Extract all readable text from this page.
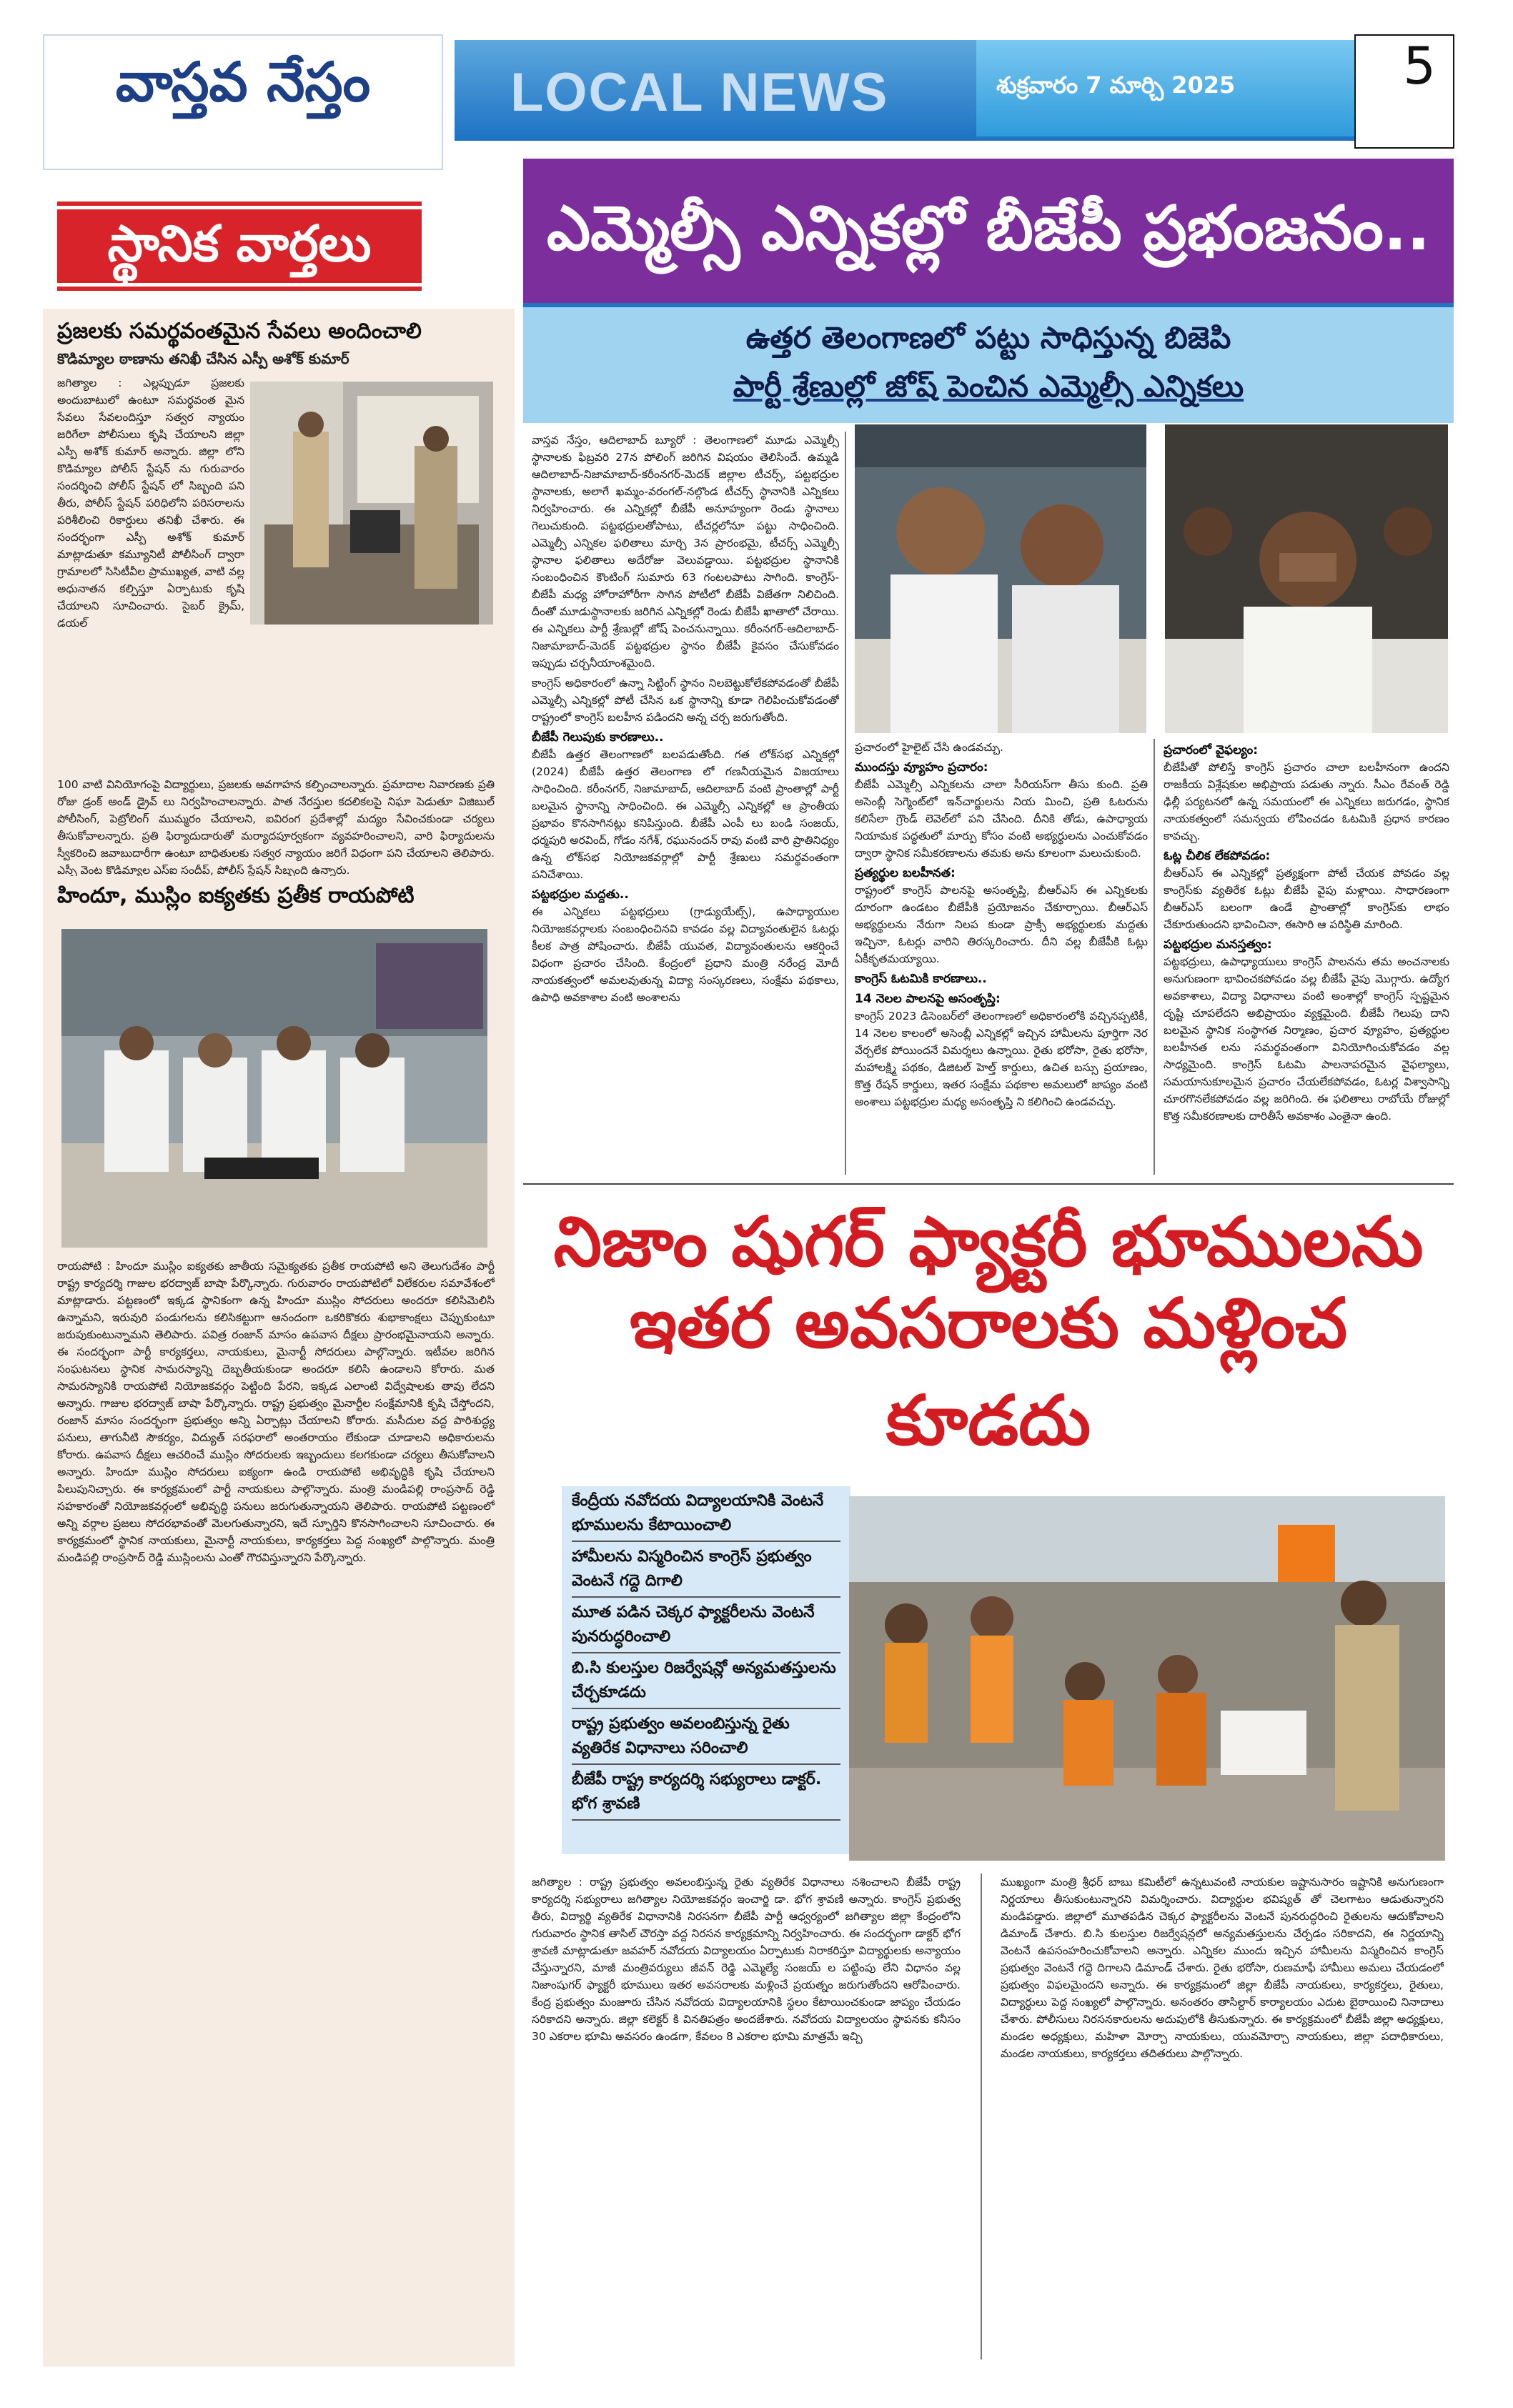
వాస్తవ నేస్తం
స్థానిక వార్తలు
LOCAL NEWS	శుక్రవారం 7 మార్చి 2025	5
ప్రజలకు సమర్థవంతమైన సేవలు అందించాలి
కొడిమ్యాల ఠాణాను తనిఖీ చేసిన ఎస్పీ అశోక్ కుమార్
జగిత్యాల : ఎల్లప్పుడూ ప్రజలకు అందుబాటులో ఉంటూ సమర్థవంత మైన సేవలు సేవలందిస్తూ సత్వర న్యాయం జరిగేలా పోలీసులు కృషి చేయాలని జిల్లా ఎస్పీ అశోక్ కుమార్ అన్నారు. జిల్లా లోని కొడిమ్యాల పోలీస్ స్టేషన్ ను గురువారం సందర్శించి పోలీస్ స్టేషన్ లో సిబ్బంది పని తీరు, పోలీస్ స్టేషన్ పరిధిలోని పరిసరాలను పరిశీలించి రికార్డులు తనిఖీ చేశారు. ఈ సందర్భంగా ఎస్పీ అశోక్ కుమార్ మాట్లాడుతూ కమ్యూనిటీ పోలీసింగ్ ద్వారా గ్రామాలలో సిసిటీవీల ప్రాముఖ్యత, వాటి వల్ల అధునాతన కల్పిస్తూ ఏర్పాటుకు కృషి చేయాలని సూచించారు. సైబర్ క్రైమ్, డయల్
100 వాటి వినియోగంపై విద్యార్థులు, ప్రజలకు అవగాహన కల్పించాలన్నారు. ప్రమాదాల నివారణకు ప్రతి రోజు డ్రంక్ అండ్ డ్రైవ్ లు నిర్వహించాలన్నారు. పాత నేరస్తుల కదలికలపై నిఘా పెడుతూ విజిబుల్ పోలీసింగ్, పెట్రోలింగ్ ముమ్మరం చేయాలని, ఐవిరంగ ప్రదేశాల్లో మద్యం సేవించకుండా చర్యలు తీసుకోవాలన్నారు. ప్రతి ఫిర్యాదుదారుతో మర్యాదపూర్వకంగా వ్యవహరించాలని, వారి ఫిర్యాదులను స్వీకరించి జవాబుదారీగా ఉంటూ బాధితులకు సత్వర న్యాయం జరిగే విధంగా పని చేయాలని తెలిపారు. ఎస్పీ వెంట కొడిమ్యాల ఎస్ఐ సందీప్, పోలీస్ స్టేషన్ సిబ్బంది ఉన్నారు.
హిందూ, ముస్లిం ఐక్యతకు ప్రతీక రాయపోటి
రాయపోటి : హిందూ ముస్లిం ఐక్యతకు జాతీయ సమైక్యతకు ప్రతీక రాయపోటి అని తెలుగుదేశం పార్టీ రాష్ట్ర కార్యదర్శి గాజుల భరద్వాజ్ బాషా పేర్కొన్నారు. గురువారం రాయపోటిలో విలేకరుల సమావేశంలో మాట్లాడారు. పట్టణంలో ఇక్కడ స్థానికంగా ఉన్న హిందూ ముస్లిం సోదరులు అందరూ కలిసిమెలిసి ఉన్నామని, ఇరువురి పండుగలను కలిసికట్టుగా ఆనందంగా ఒకరికొకరు శుభాకాంక్షలు చెప్పుకుంటూ జరుపుకుంటున్నామని తెలిపారు. పవిత్ర రంజాన్ మాసం ఉపవాస దీక్షలు ప్రారంభమైనాయని అన్నారు. ఈ సందర్భంగా పార్టీ కార్యకర్తలు, నాయకులు, మైనార్టీ సోదరులు పాల్గొన్నారు. ఇటీవల జరిగిన సంఘటనలు స్థానిక సామరస్యాన్ని దెబ్బతీయకుండా అందరూ కలిసి ఉండాలని కోరారు. మత సామరస్యానికి రాయపోటి నియోజకవర్గం పెట్టింది పేరని, ఇక్కడ ఎలాంటి విద్వేషాలకు తావు లేదని అన్నారు. గాజుల భరద్వాజ్ బాషా పేర్కొన్నారు. రాష్ట్ర ప్రభుత్వం మైనార్టీల సంక్షేమానికి కృషి చేస్తోందని, రంజాన్ మాసం సందర్భంగా ప్రభుత్వం అన్ని ఏర్పాట్లు చేయాలని కోరారు. మసీదుల వద్ద పారిశుద్ధ్య పనులు, తాగునీటి సౌకర్యం, విద్యుత్ సరఫరాలో అంతరాయం లేకుండా చూడాలని అధికారులను కోరారు. ఉపవాస దీక్షలు ఆచరించే ముస్లిం సోదరులకు ఇబ్బందులు కలగకుండా చర్యలు తీసుకోవాలని అన్నారు. హిందూ ముస్లిం సోదరులు ఐక్యంగా ఉండి రాయపోటి అభివృద్ధికి కృషి చేయాలని పిలుపునిచ్చారు. ఈ కార్యక్రమంలో పార్టీ నాయకులు పాల్గొన్నారు. మంత్రి మండిపల్లి రాంప్రసాద్ రెడ్డి సహకారంతో నియోజకవర్గంలో అభివృద్ధి పనులు జరుగుతున్నాయని తెలిపారు. రాయపోటి పట్టణంలో అన్ని వర్గాల ప్రజలు సోదరభావంతో మెలగుతున్నారని, ఇదే స్ఫూర్తిని కొనసాగించాలని సూచించారు. ఈ కార్యక్రమంలో స్థానిక నాయకులు, మైనార్టీ నాయకులు, కార్యకర్తలు పెద్ద సంఖ్యలో పాల్గొన్నారు. మంత్రి మండిపల్లి రాంప్రసాద్ రెడ్డి ముస్లింలను ఎంతో గౌరవిస్తున్నారని పేర్కొన్నారు.
ఎమ్మెల్సీ ఎన్నికల్లో బీజేపీ ప్రభంజనం..
ఉత్తర తెలంగాణలో పట్టు సాధిస్తున్న బిజెపి
పార్టీ శ్రేణుల్లో జోష్ పెంచిన ఎమ్మెల్సీ ఎన్నికలు

వాస్తవ నేస్తం, ఆదిలాబాద్ బ్యూరో : తెలంగాణలో మూడు ఎమ్మెల్సీ స్థానాలకు ఫిబ్రవరి 27న పోలింగ్ జరిగిన విషయం తెలిసిందే. ఉమ్మడి ఆదిలాబాద్-నిజామాబాద్-కరీంనగర్-మెదక్ జిల్లాల టీచర్స్, పట్టభద్రుల స్థానాలకు, అలాగే ఖమ్మం-వరంగల్-నల్గొండ టీచర్స్ స్థానానికి ఎన్నికలు నిర్వహించారు. ఈ ఎన్నికల్లో బీజేపీ అనూహ్యంగా రెండు స్థానాలు గెలుచుకుంది. పట్టభద్రులతోపాటు, టీచర్లలోనూ పట్టు సాధించింది. ఎమ్మెల్సీ ఎన్నికల ఫలితాలు మార్చి 3న ప్రారంభమై, టీచర్స్ ఎమ్మెల్సీ స్థానాల ఫలితాలు అదేరోజు వెలువడ్డాయి. పట్టభద్రుల స్థానానికి సంబంధించిన కౌంటింగ్ సుమారు 63 గంటలపాటు సాగింది. కాంగ్రెస్-బీజేపీ మధ్య హోరాహోరీగా సాగిన పోటీలో బీజేపీ విజేతగా నిలిచింది. దీంతో మూడుస్థానాలకు జరిగిన ఎన్నికల్లో రెండు బీజేపీ ఖాతాలో చేరాయి. ఈ ఎన్నికలు పార్టీ శ్రేణుల్లో జోష్ పెంచనున్నాయి. కరీంనగర్-ఆదిలాబాద్-నిజామాబాద్-మెదక్ పట్టభద్రుల స్థానం బీజేపీ కైవసం చేసుకోవడం ఇప్పుడు చర్చనీయాంశమైంది.

కాంగ్రెస్ అధికారంలో ఉన్నా సిట్టింగ్ స్థానం నిలబెట్టుకోలేకపోవడంతో బీజేపీ ఎమ్మెల్సీ ఎన్నికల్లో పోటీ చేసిన ఒక స్థానాన్ని కూడా గెలిపించుకోవడంతో రాష్ట్రంలో కాంగ్రెస్ బలహీన పడిందని అన్న చర్చ జరుగుతోంది.

బీజేపీ గెలుపుకు కారణాలు..

బీజేపీ ఉత్తర తెలంగాణలో బలపడుతోంది. గత లోక్‌సభ ఎన్నికల్లో (2024) బీజేపీ ఉత్తర తెలంగాణ లో గణనీయమైన విజయాలు సాధించింది. కరీంనగర్, నిజామాబాద్, ఆదిలాబాద్ వంటి ప్రాంతాల్లో పార్టీ బలమైన స్థానాన్ని సాధించింది. ఈ ఎమ్మెల్సీ ఎన్నికల్లో ఆ ప్రాంతీయ ప్రభావం కొనసాగినట్లు కనిపిస్తుంది. బీజేపీ ఎంపీ లు బండి సంజయ్, ధర్మపురి అరవింద్, గోడం నగేశ్, రఘునందన్ రావు వంటి వారి ప్రాతినిధ్యం ఉన్న లోక్‌సభ నియోజకవర్గాల్లో పార్టీ శ్రేణులు సమర్థవంతంగా పనిచేశాయి.

పట్టభద్రుల మద్దతు..

ఈ ఎన్నికలు పట్టభద్రులు (గ్రాడ్యుయేట్స్), ఉపాధ్యాయుల నియోజకవర్గాలకు సంబంధించినవి కావడం వల్ల విద్యావంతులైన ఓటర్లు కీలక పాత్ర పోషించారు. బీజేపీ యువత, విద్యావంతులను ఆకర్షించే విధంగా ప్రచారం చేసింది. కేంద్రంలో ప్రధాని మంత్రి నరేంద్ర మోదీ నాయకత్వంలో అమలవుతున్న విద్యా సంస్కరణలు, సంక్షేమ పథకాలు, ఉపాధి అవకాశాల వంటి అంశాలను

ప్రచారంలో హైలైట్ చేసి ఉండవచ్చు.

ముందస్తు వ్యూహం ప్రచారం:

బీజేపీ ఎమ్మెల్సీ ఎన్నికలను చాలా సీరియస్‌గా తీసు కుంది. ప్రతి అసెంబ్లీ సెగ్మెంట్‌లో ఇన్‌చార్జులను నియ మించి, ప్రతి ఓటరును కలిసేలా గ్రౌండ్ లెవెల్‌లో పని చేసింది. దీనికి తోడు, ఉపాధ్యాయ నియామక పద్ధతులో మార్పు కోసం వంటి అభ్యర్థులను ఎంచుకోవడం ద్వారా స్థానిక సమీకరణాలను తమకు అను కూలంగా మలుచుకుంది.

ప్రత్యర్థుల బలహీనత:

రాష్ట్రంలో కాంగ్రెస్ పాలనపై అసంతృప్తి, బీఆర్ఎస్ ఈ ఎన్నికలకు దూరంగా ఉండటం బీజేపీకి ప్రయోజనం చేకూర్చాయి. బీఆర్ఎస్ అభ్యర్థులను నేరుగా నిలప కుండా ప్రాక్సీ అభ్యర్థులకు మద్దతు ఇచ్చినా, ఓటర్లు వారిని తిరస్కరించారు. దీని వల్ల బీజేపీకి ఓట్లు ఏకీకృతమయ్యాయి.

కాంగ్రెస్ ఓటమికి కారణాలు..
14 నెలల పాలనపై అసంతృప్తి:

కాంగ్రెస్ 2023 డిసెంబర్‌లో తెలంగాణలో అధికారంలోకి వచ్చినప్పటికీ, 14 నెలల కాలంలో అసెంబ్లీ ఎన్నికల్లో ఇచ్చిన హామీలను పూర్తిగా నెర వేర్చలేక పోయిందనే విమర్శలు ఉన్నాయి. రైతు భరోసా, రైతు భరోసా, మహాలక్ష్మి పథకం, డిజిటల్ హెల్త్ కార్డులు, ఉచిత బస్సు ప్రయాణం, కొత్త రేషన్ కార్డులు, ఇతర సంక్షేమ పథకాల అమలులో జాప్యం వంటి అంశాలు పట్టభద్రుల మధ్య అసంతృప్తి ని కలిగించి ఉండవచ్చు.

ప్రచారంలో వైఫల్యం:

బీజేపీతో పోలిస్తే కాంగ్రెస్ ప్రచారం చాలా బలహీనంగా ఉందని రాజకీయ విశ్లేషకుల అభిప్రాయ పడుతు న్నారు. సీఎం రేవంత్ రెడ్డి ఢిల్లీ పర్యటనలో ఉన్న సమయంలో ఈ ఎన్నికలు జరుగడం, స్థానిక నాయకత్వంలో సమన్వయ లోపించడం ఓటమికి ప్రధాన కారణం కావచ్చు.

ఓట్ల చీలిక లేకపోవడం:

బీఆర్ఎస్ ఈ ఎన్నికల్లో ప్రత్యక్షంగా పోటీ చేయక పోవడం వల్ల కాంగ్రెస్‌కు వ్యతిరేక ఓట్లు బీజేపీ వైపు మళ్లాయి. సాధారణంగా బీఆర్ఎస్ బలంగా ఉండే ప్రాంతాల్లో కాంగ్రెస్‌కు లాభం చేకూరుతుందని భావించినా, ఈసారి ఆ పరిస్థితి మారింది.

పట్టభద్రుల మనస్తత్వం:

పట్టభద్రులు, ఉపాధ్యాయులు కాంగ్రెస్ పాలనను తమ అంచనాలకు అనుగుణంగా భావించకపోవడం వల్ల బీజేపీ వైపు మొగ్గారు. ఉద్యోగ అవకాశాలు, విద్యా విధానాలు వంటి అంశాల్లో కాంగ్రెస్ స్పష్టమైన దృష్టి చూపలేదని అభిప్రాయం వ్యక్తమైంది. బీజేపీ గెలుపు దాని బలమైన స్థానిక సంస్థాగత నిర్మాణం, ప్రచార వ్యూహం, ప్రత్యర్థుల బలహీనత లను సమర్థవంతంగా వినియోగించుకోవడం వల్ల సాధ్యమైంది. కాంగ్రెస్ ఓటమి పాలనాపరమైన వైఫల్యాలు, సమయానుకూలమైన ప్రచారం చేయలేకపోవడం, ఓటర్ల విశ్వాసాన్ని చూరగొనలేకపోవడం వల్ల జరిగింది. ఈ ఫలితాలు రాబోయే రోజుల్లో కొత్త సమీకరణాలకు దారితీసే అవకాశం ఎంతైనా ఉంది.

నిజాం షుగర్ ఫ్యాక్టరీ భూములను
ఇతర అవసరాలకు మళ్లించ కూడదు
కేంద్రీయ నవోదయ విద్యాలయానికి వెంటనే భూములను కేటాయించాలి
హామీలను విస్మరించిన కాంగ్రెస్ ప్రభుత్వం వెంటనే గద్దె దిగాలి
మూత పడిన చెక్కర ఫ్యాక్టరీలను వెంటనే పునరుద్ధరించాలి
బి.సి కులస్తుల రిజర్వేషన్లో అన్యమతస్తులను చేర్చకూడదు
రాష్ట్ర ప్రభుత్వం అవలంబిస్తున్న రైతు వ్యతిరేక విధానాలు సరించాలి
బీజేపీ రాష్ట్ర కార్యదర్శి సభ్యురాలు డాక్టర్. భోగ శ్రావణి
జగిత్యాల : రాష్ట్ర ప్రభుత్వం అవలంభిస్తున్న రైతు వ్యతిరేక విధానాలు నశించాలని బీజేపీ రాష్ట్ర కార్యదర్శి సభ్యురాలు జగిత్యాల నియోజకవర్గం ఇంచార్జి డా. భోగ శ్రావణి అన్నారు. కాంగ్రెస్ ప్రభుత్వ తీరు, విద్యార్థి వ్యతిరేక విధానానికి నిరసనగా బీజేపీ పార్టీ ఆధ్వర్యంలో జగిత్యాల జిల్లా కేంద్రంలోని గురువారం స్థానిక తాసిల్ చౌరస్తా వద్ద నిరసన కార్యక్రమాన్ని నిర్వహించారు. ఈ సందర్భంగా డాక్టర్ భోగ శ్రావణి మాట్లాడుతూ జవహర్ నవోదయ విద్యాలయం ఏర్పాటుకు నిరాకరిస్తూ విద్యార్థులకు అన్యాయం చేస్తున్నారని, మాజీ మంత్రివర్యులు జీవన్ రెడ్డి ఎమ్మెల్యే సంజయ్ ల పట్టింపు లేని విధానం వల్ల నిజాంషుగర్ ఫ్యాక్టరీ భూములు ఇతర అవసరాలకు మళ్లించే ప్రయత్నం జరుగుతోందని ఆరోపించారు. కేంద్ర ప్రభుత్వం మంజూరు చేసిన నవోదయ విద్యాలయానికి స్థలం కేటాయించకుండా జాప్యం చేయడం సరికాదని అన్నారు. జిల్లా కలెక్టర్ కి వినతిపత్రం అందజేశారు. నవోదయ విద్యాలయం స్థాపనకు కనీసం 30 ఎకరాల భూమి అవసరం ఉండగా, కేవలం 8 ఎకరాల భూమి మాత్రమే ఇచ్చి
ముఖ్యంగా మంత్రి శ్రీధర్ బాబు కమిటీలో ఉన్నటువంటి నాయకుల ఇష్టానుసారం ఇష్టానికి అనుగుణంగా నిర్ణయాలు తీసుకుంటున్నారని విమర్శించారు. విద్యార్థుల భవిష్యత్ తో చెలగాటం ఆడుతున్నారని మండిపడ్డారు. జిల్లాలో మూతపడిన చెక్కర ఫ్యాక్టరీలను వెంటనే పునరుద్ధరించి రైతులను ఆదుకోవాలని డిమాండ్ చేశారు. బి.సి కులస్తుల రిజర్వేషన్లలో అన్యమతస్తులను చేర్చడం సరికాదని, ఈ నిర్ణయాన్ని వెంటనే ఉపసంహరించుకోవాలని అన్నారు. ఎన్నికల ముందు ఇచ్చిన హామీలను విస్మరించిన కాంగ్రెస్ ప్రభుత్వం వెంటనే గద్దె దిగాలని డిమాండ్ చేశారు. రైతు భరోసా, రుణమాఫీ హామీలు అమలు చేయడంలో ప్రభుత్వం విఫలమైందని అన్నారు. ఈ కార్యక్రమంలో జిల్లా బీజేపీ నాయకులు, కార్యకర్తలు, రైతులు, విద్యార్థులు పెద్ద సంఖ్యలో పాల్గొన్నారు. అనంతరం తాసిల్దార్ కార్యాలయం ఎదుట బైఠాయించి నినాదాలు చేశారు. పోలీసులు నిరసనకారులను అదుపులోకి తీసుకున్నారు. ఈ కార్యక్రమంలో బీజేపీ జిల్లా అధ్యక్షులు, మండల అధ్యక్షులు, మహిళా మోర్చా నాయకులు, యువమోర్చా నాయకులు, జిల్లా పదాధికారులు, మండల నాయకులు, కార్యకర్తలు తదితరులు పాల్గొన్నారు.
